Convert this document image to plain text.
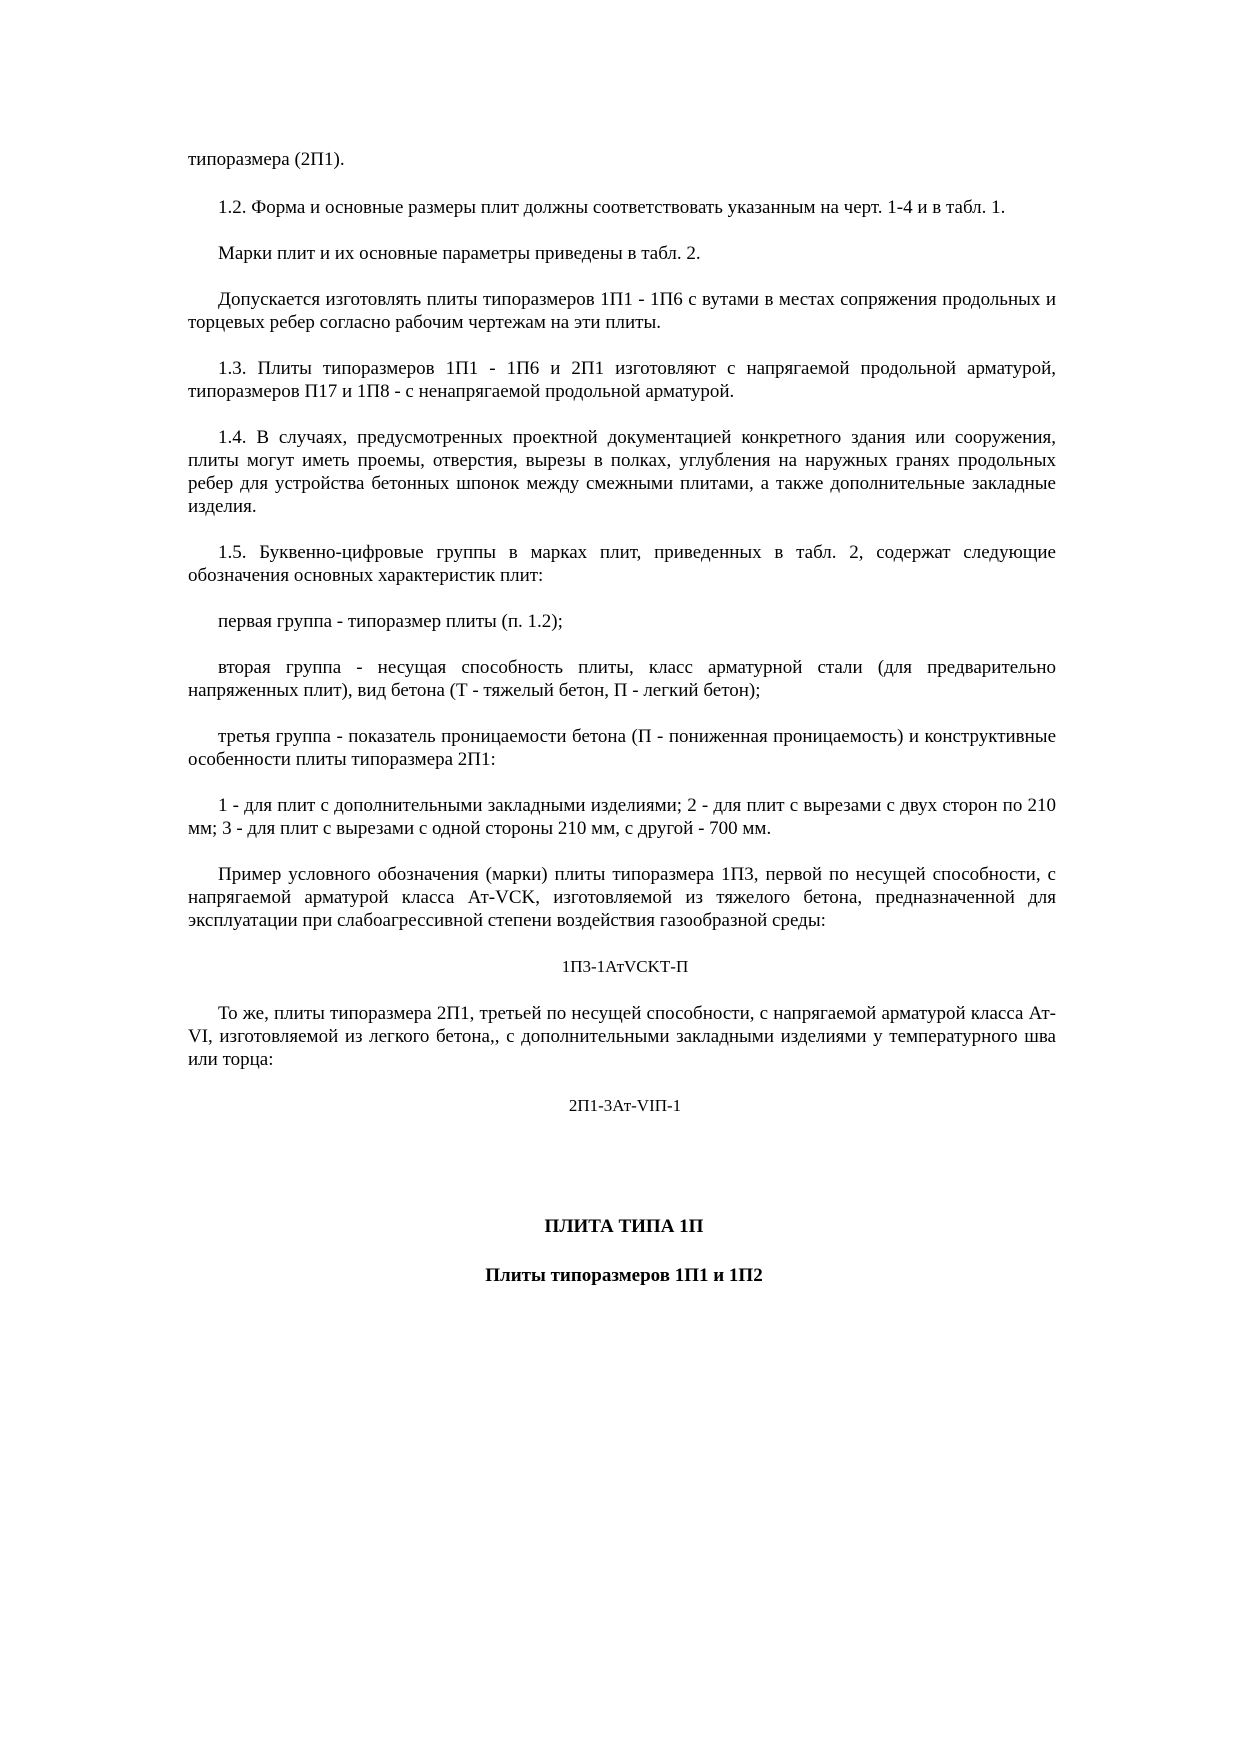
типоразмера (2П1).

1.2. Форма и основные размеры плит должны соответствовать указанным на черт. 1-4 и в табл. 1.

Марки плит и их основные параметры приведены в табл. 2.

Допускается изготовлять плиты типоразмеров 1П1 - 1П6 с вутами в местах сопряжения продольных и торцевых ребер согласно рабочим чертежам на эти плиты.

1.3. Плиты типоразмеров 1П1 - 1П6 и 2П1 изготовляют с напрягаемой продольной арматурой, типоразмеров П17 и 1П8 - с ненапрягаемой продольной арматурой.

1.4. В случаях, предусмотренных проектной документацией конкретного здания или сооружения, плиты могут иметь проемы, отверстия, вырезы в полках, углубления на наружных гранях продольных ребер для устройства бетонных шпонок между смежными плитами, а также дополнительные закладные изделия.

1.5. Буквенно-цифровые группы в марках плит, приведенных в табл. 2, содержат следующие обозначения основных характеристик плит:

первая группа - типоразмер плиты (п. 1.2);

вторая группа - несущая способность плиты, класс арматурной стали (для предварительно напряженных плит), вид бетона (Т - тяжелый бетон, П - легкий бетон);

третья группа - показатель проницаемости бетона (П - пониженная проницаемость) и конструктивные особенности плиты типоразмера 2П1:

1 - для плит с дополнительными закладными изделиями; 2 - для плит с вырезами с двух сторон по 210 мм; 3 - для плит с вырезами с одной стороны 210 мм, с другой - 700 мм.

Пример условного обозначения (марки) плиты типоразмера 1П3, первой по несущей способности, с напрягаемой арматурой класса Ат-VCK, изготовляемой из тяжелого бетона, предназначенной для эксплуатации при слабоагрессивной степени воздействия газообразной среды:

1П3-1АтVCKТ-П

То же, плиты типоразмера 2П1, третьей по несущей способности, с напрягаемой арматурой класса Ат-VI, изготовляемой из легкого бетона,, с дополнительными закладными изделиями у температурного шва или торца:

2П1-3Ат-VIП-1

ПЛИТА ТИПА 1П
Плиты типоразмеров 1П1 и 1П2
